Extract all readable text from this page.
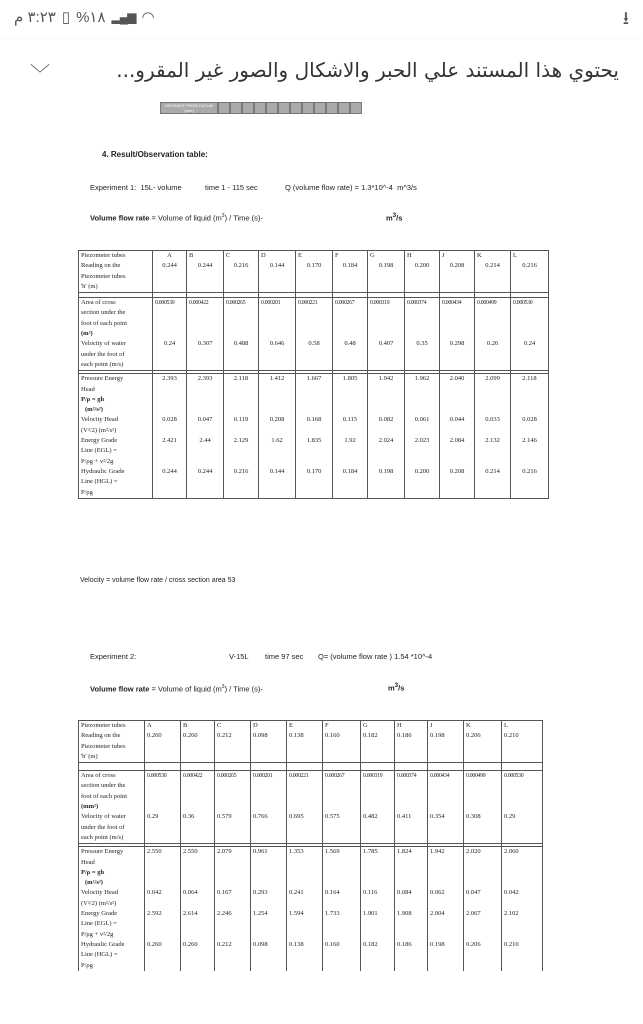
٣:٢٣ م ▯ %١٨ ▂▄▆ ◠	⭳
يحتوي هذا المستند علي الحبر والاشكال والصور غير المقرو...
﹀
DISTANCE FROM DATUM (mm)
4. Result/Observation table:
Experiment 1:  15L- volume	time 1 - 115 sec	Q (volume flow rate) = 1.3*10^-4  m^3/s
Volume flow rate = Volume of liquid $(m^3)$ / Time (s)-	$m^3/s$
Piezometer tubes	A	B	C	D	E	F	G	H	J	K	L
Reading on the	0.244	0.244	0.216	0.144	0.170	0.184	0.198	0.200	0.208	0.214	0.216
Piezometer tubes											
'h' (m)											

Area of cross	0.000530	0.000422	0.000265	0.000201	0.000221	0.000267	0.000319	0.000374	0.000434	0.000499	0.000530
section under the											
foot of each point											
(m²)											
Velocity of water	0.24	0.307	0.488	0.646	0.58	0.48	0.407	0.35	0.298	0.26	0.24
under the foot of											
each point (m/s)											

Pressure Energy	2.393	2.393	2.118	1.412	1.667	1.805	1.942	1.962	2.040	2.099	2.118
Head											
P/ρ = gh											
(m²/s²)											
Velocity Head	0.028	0.047	0.119	0.208	0.168	0.115	0.082	0.061	0.044	0.033	0.028
(V²/2) (m²/s²)											
Energy Grade	2.421	2.44	2.129	1.62	1.835	1.92	2.024	2.023	2.084	2.132	2.146
Line (EGL) =											
P/ρg + v²/2g											
Hydraulic Grade	0.244	0.244	0.216	0.144	0.170	0.184	0.198	0.200	0.208	0.214	0.216
Line (HGL) =											
P/ρg											
Velocity = volume flow rate / cross section area 53
Experiment 2:	V-15L time 97 sec Q= (volume flow rate ) 1.54 *10^-4
Volume flow rate = Volume of liquid $(m^3)$ / Time (s)-	$m^3/s$
Piezometer tubes	A	B	C	D	E	F	G	H	J	K	L
Reading on the	0.260	0.260	0.212	0.098	0.138	0.160	0.182	0.186	0.198	0.206	0.210
Piezometer tubes											
'h' (m)											

Area of cross	0.000530	0.000422	0.000265	0.000201	0.000221	0.000267	0.000319	0.000374	0.000434	0.000499	0.000530
section under the											
foot of each point											
(mm²)											
Velocity of water	0.29	0.36	0.579	0.766	0.695	0.575	0.482	0.411	0.354	0.308	0.29
under the foot of											
each point (m/s)											

Pressure Energy	2.550	2.550	2.079	0.961	1.353	1.569	1.785	1.824	1.942	2.020	2.060
Head											
P/ρ = gh											
(m²/s²)											
Velocity Head	0.042	0.064	0.167	0.293	0.241	0.164	0.116	0.084	0.062	0.047	0.042
(V²/2) (m²/s²)											
Energy Grade	2.592	2.614	2.246	1.254	1.594	1.733	1.901	1.908	2.004	2.067	2.102
Line (EGL) =											
P/ρg + v²/2g											
Hydraulic Grade	0.260	0.260	0.212	0.098	0.138	0.160	0.182	0.186	0.198	0.206	0.210
Line (HGL) =											
P/ρg											
